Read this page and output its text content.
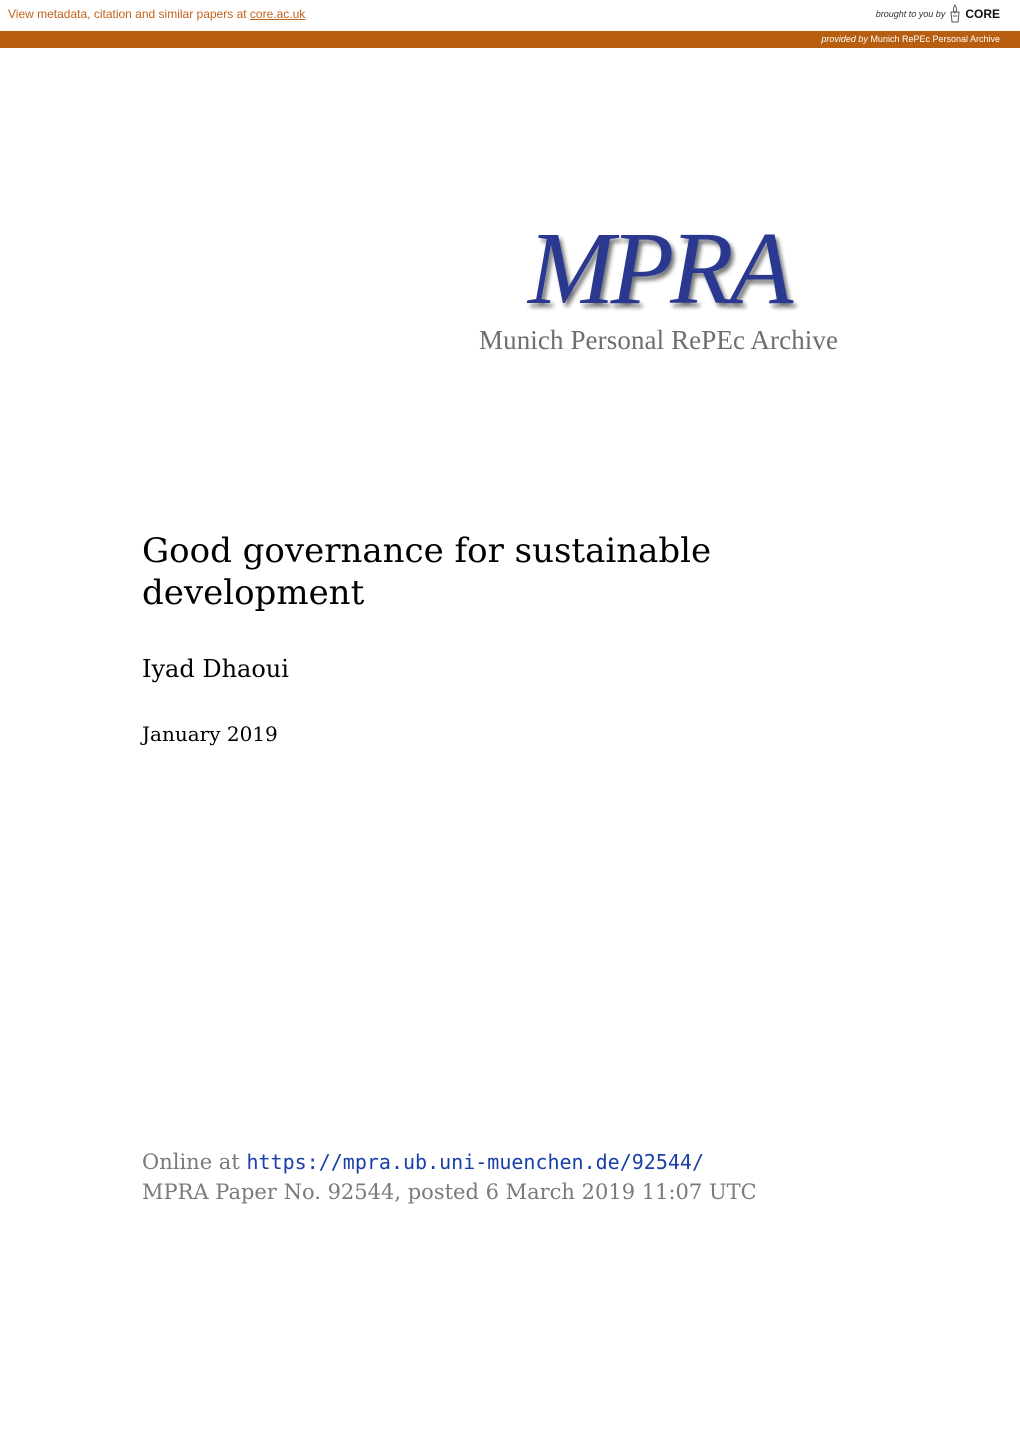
View metadata, citation and similar papers at core.ac.uk	brought to you by CORE
provided by Munich RePEc Personal Archive
MPRA
Munich Personal RePEc Archive
Good governance for sustainable development
Iyad Dhaoui
January 2019
Online at https://mpra.ub.uni-muenchen.de/92544/
MPRA Paper No. 92544, posted 6 March 2019 11:07 UTC
